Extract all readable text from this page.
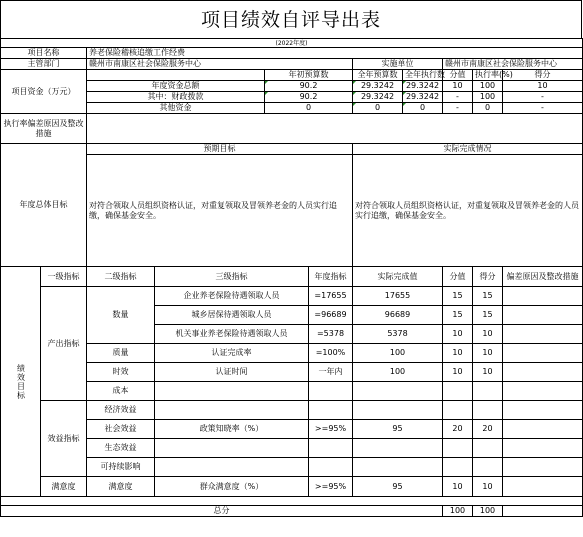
项目绩效自评导出表
(2022年度)										
项目名称		养老保险稽核追缴工作经费								
主管部门		赣州市南康区社会保险服务中心				实施单位		赣州市南康区社会保险服务中心		
项目资金（万元）				年初预算数		全年预算数	全年执行数	分值	执行率(%)	得分
		年度资金总额		90.2		29.3242	29.3242	10	100	10
		其中：财政拨款		90.2		29.3242	29.3242	-	100	-
		其他资金		0		0	0	-	0	-
执行率偏差原因及整改措施										
年度总体目标		预期目标				实际完成情况				
		对符合领取人员组织资格认证，对重复领取及冒领养老金的人员实行追缴，确保基金安全。				对符合领取人员组织资格认证，对重复领取及冒领养老金的人员实行追缴，确保基金安全。				

绩效目标	一级指标	二级指标	三级指标		年度指标	实际完成值		分值	得分	偏差原因及整改措施
	产出指标	数量	企业养老保险待遇领取人员		=17655	17655		15	15	
			城乡居保待遇领取人员		=96689	96689		15	15	
			机关事业养老保险待遇领取人员		=5378	5378		10	10	
		质量	认证完成率		=100%	100		10	10	
		时效	认证时间		一年内	100		10	10	
		成本								
	效益指标	经济效益								
		社会效益	政策知晓率（%）		>=95%	95		20	20	
		生态效益								
		可持续影响								
	满意度	满意度	群众满意度（%）		>=95%	95		10	10	

总分								100	100	
